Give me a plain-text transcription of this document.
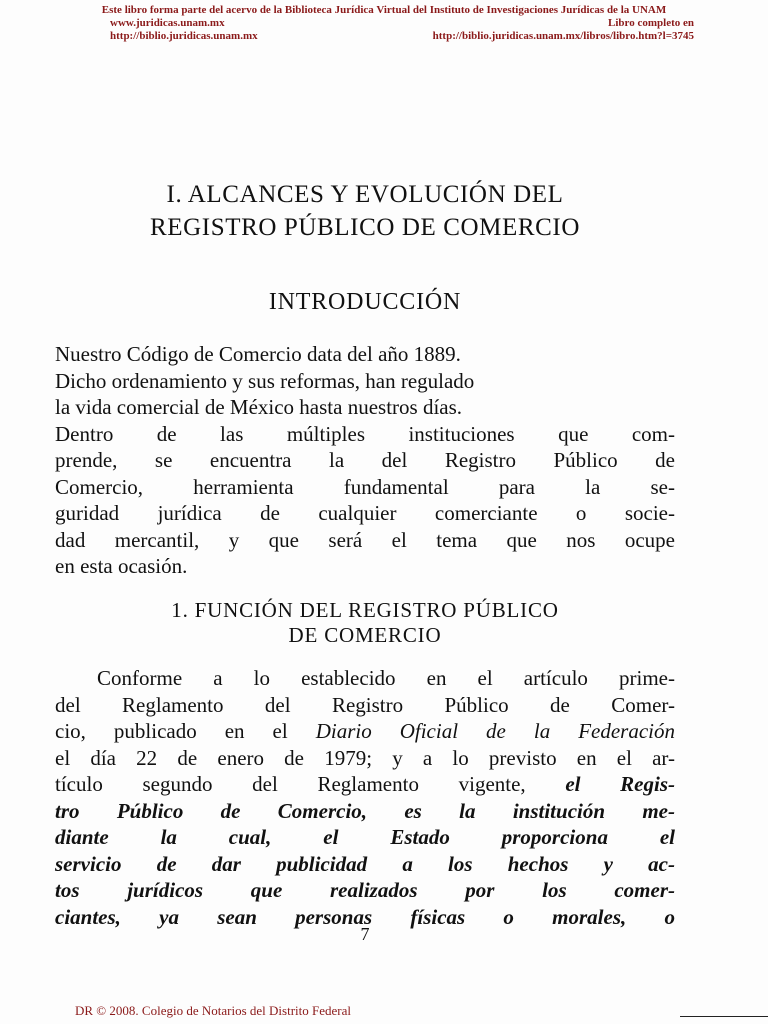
Este libro forma parte del acervo de la Biblioteca Jurídica Virtual del Instituto de Investigaciones Jurídicas de la UNAM
www.juridicas.unam.mx
http://biblio.juridicas.unam.mx
Libro completo en
http://biblio.juridicas.unam.mx/libros/libro.htm?l=3745
I. ALCANCES Y EVOLUCIÓN DEL
REGISTRO PÚBLICO DE COMERCIO
INTRODUCCIÓN

Nuestro Código de Comercio data del año 1889.
Dicho ordenamiento y sus reformas, han regulado
la vida comercial de México hasta nuestros días.
Dentro de las múltiples instituciones que com-
prende, se encuentra la del Registro Público de
Comercio, herramienta fundamental para la se-
guridad jurídica de cualquier comerciante o socie-
dad mercantil, y que será el tema que nos ocupe
en esta ocasión.

1. FUNCIÓN DEL REGISTRO PÚBLICO
DE COMERCIO

Conforme a lo establecido en el artículo prime-
del Reglamento del Registro Público de Comer-
cio, publicado en el Diario Oficial de la Federación
el día 22 de enero de 1979; y a lo previsto en el ar-
tículo segundo del Reglamento vigente, el Regis-
tro Público de Comercio, es la institución me-
diante la cual, el Estado proporciona el
servicio de dar publicidad a los hechos y ac-
tos jurídicos que realizados por los comer-
ciantes, ya sean personas físicas o morales, o

7
DR © 2008. Colegio de Notarios del Distrito Federal
